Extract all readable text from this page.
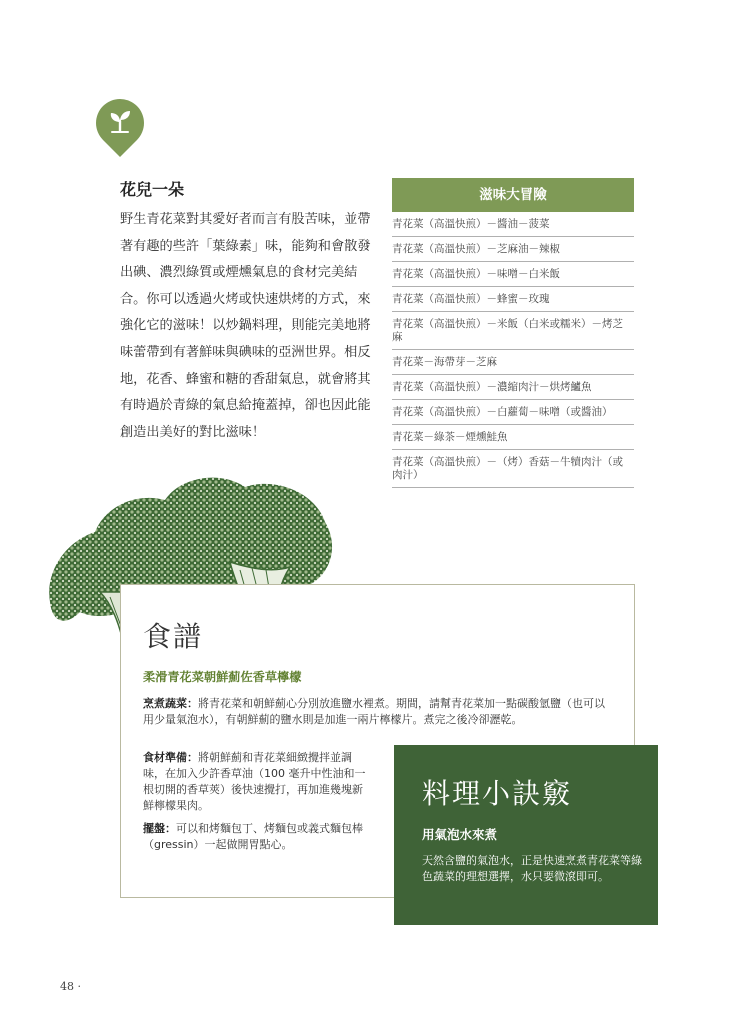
花兒一朵

野生青花菜對其愛好者而言有股苦味，並帶著有趣的些許「葉綠素」味，能夠和會散發出碘、濃烈綠質或煙燻氣息的食材完美結合。你可以透過火烤或快速烘烤的方式，來強化它的滋味！以炒鍋料理，則能完美地將味蕾帶到有著鮮味與碘味的亞洲世界。相反地，花香、蜂蜜和糖的香甜氣息，就會將其有時過於青綠的氣息給掩蓋掉，卻也因此能創造出美好的對比滋味！

滋味大冒險
青花菜（高溫快煎）－醬油－菠菜
青花菜（高溫快煎）－芝麻油－辣椒
青花菜（高溫快煎）－味噌－白米飯
青花菜（高溫快煎）－蜂蜜－玫瑰
青花菜（高溫快煎）－米飯（白米或糯米）－烤芝麻
青花菜－海帶芽－芝麻
青花菜（高溫快煎）－濃縮肉汁－烘烤鱸魚
青花菜（高溫快煎）－白蘿蔔－味噌（或醬油）
青花菜－綠茶－煙燻鮭魚
青花菜（高溫快煎）－（烤）香菇－牛犢肉汁（或肉汁）
食譜
柔滑青花菜朝鮮薊佐香草檸檬

烹煮蔬菜：將青花菜和朝鮮薊心分別放進鹽水裡煮。期間，請幫青花菜加一點碳酸氫鹽（也可以用少量氣泡水），有朝鮮薊的鹽水則是加進一兩片檸檬片。煮完之後冷卻瀝乾。

食材準備：將朝鮮薊和青花菜細緻攪拌並調味，在加入少許香草油（100 毫升中性油和一根切開的香草莢）後快速攪打，再加進幾塊新鮮檸檬果肉。

擺盤：可以和烤麵包丁、烤麵包或義式麵包棒（gressin）一起做開胃點心。

料理小訣竅
用氣泡水來煮

天然含鹽的氣泡水，正是快速烹煮青花菜等綠色蔬菜的理想選擇，水只要微滾即可。

48 ·
